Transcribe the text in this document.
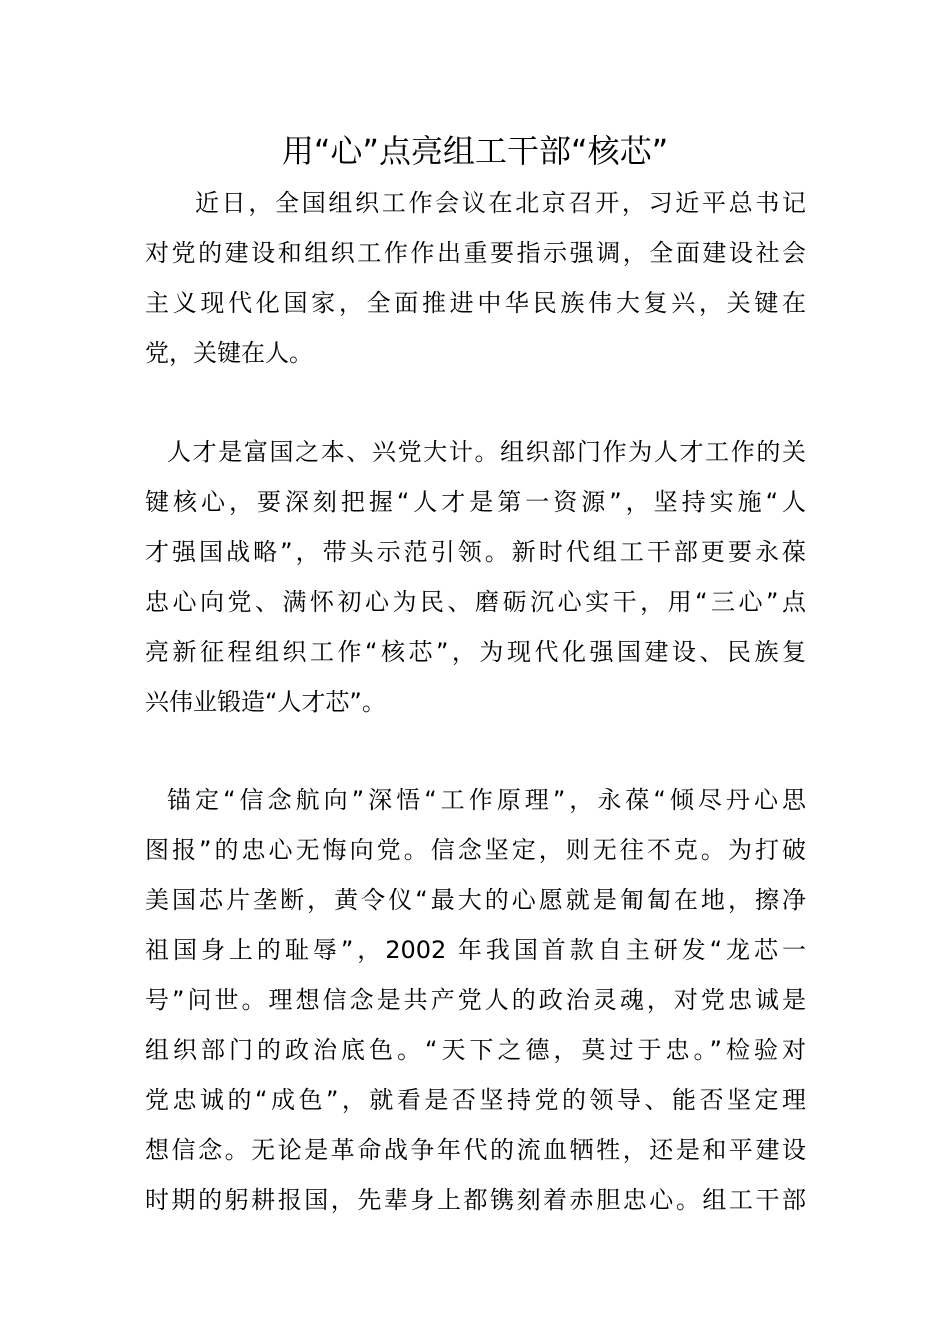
用“心”点亮组工干部“核芯”
近日，全国组织工作会议在北京召开，习近平总书记
对党的建设和组织工作作出重要指示强调，全面建设社会
主义现代化国家，全面推进中华民族伟大复兴，关键在
党，关键在人。
人才是富国之本、兴党大计。组织部门作为人才工作的关
键核心，要深刻把握“人才是第一资源”，坚持实施“人
才强国战略”，带头示范引领。新时代组工干部更要永葆
忠心向党、满怀初心为民、磨砺沉心实干，用“三心”点
亮新征程组织工作“核芯”，为现代化强国建设、民族复
兴伟业锻造“人才芯”。
锚定“信念航向”深悟“工作原理”，永葆“倾尽丹心思
图报”的忠心无悔向党。信念坚定，则无往不克。为打破
美国芯片垄断，黄令仪“最大的心愿就是匍匐在地，擦净
祖国身上的耻辱”，2002 年我国首款自主研发“龙芯一
号”问世。理想信念是共产党人的政治灵魂，对党忠诚是
组织部门的政治底色。“天下之德，莫过于忠。”检验对
党忠诚的“成色”，就看是否坚持党的领导、能否坚定理
想信念。无论是革命战争年代的流血牺牲，还是和平建设
时期的躬耕报国，先辈身上都镌刻着赤胆忠心。组工干部
